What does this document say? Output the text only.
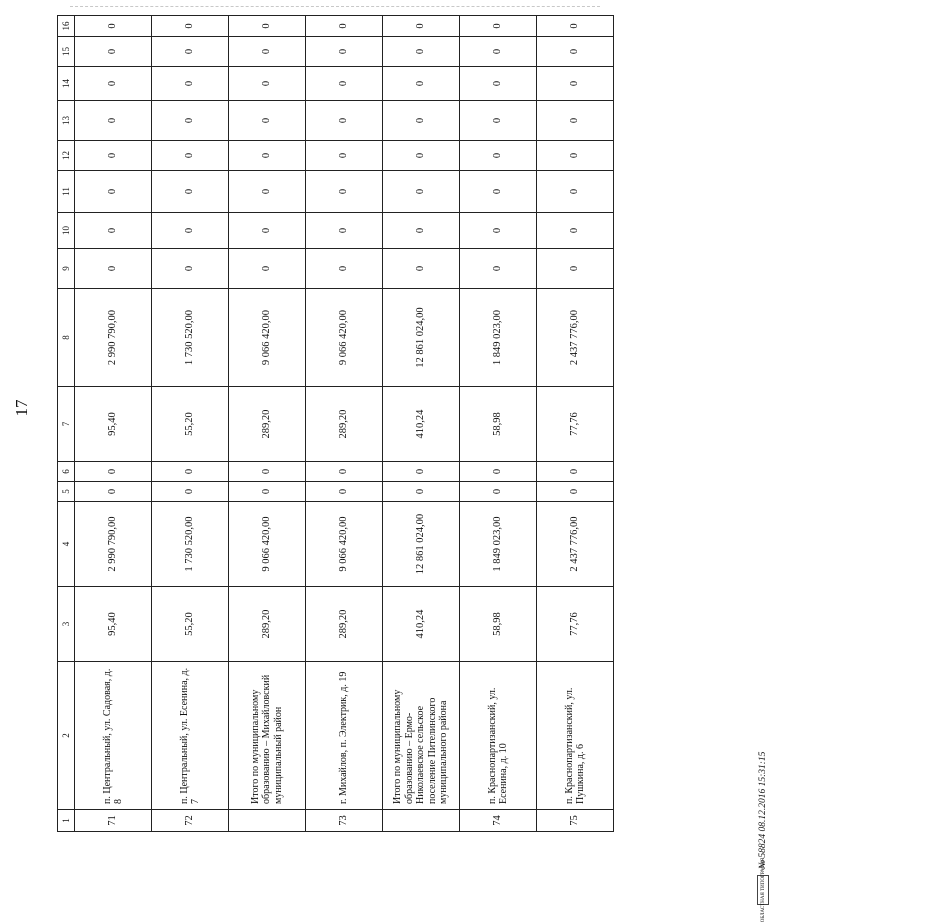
17
1	2	3	4	5	6	7	8	9	10	11	12	13	14	15	16
71	п. Центральный, ул. Садовая, д. 8	95,40	2 990 790,00	0	0	95,40	2 990 790,00	0	0	0	0	0	0	0	0
72	п. Центральный, ул. Есенина, д. 7	55,20	1 730 520,00	0	0	55,20	1 730 520,00	0	0	0	0	0	0	0	0
	Итого по муниципальному образованию – Михайловский муниципальный район	289,20	9 066 420,00	0	0	289,20	9 066 420,00	0	0	0	0	0	0	0	0
73	г. Михайлов, п. Электрик, д. 19	289,20	9 066 420,00	0	0	289,20	9 066 420,00	0	0	0	0	0	0	0	0
	Итого по муниципальному образованию – Ермо-Николаевское сельское поселение Пителинского муниципального района	410,24	12 861 024,00	0	0	410,24	12 861 024,00	0	0	0	0	0	0	0	0
74	п. Краснопартизанский, ул. Есенина, д. 10	58,98	1 849 023,00	0	0	58,98	1 849 023,00	0	0	0	0	0	0	0	0
75	п. Краснопартизанский, ул. Пушкина, д. 6	77,76	2 437 776,00	0	0	77,76	2 437 776,00	0	0	0	0	0	0	0	0
ОБЛАСТНАЯ ТИПОГРАФИЯ
№ 58824 08.12.2016 15:31:15
